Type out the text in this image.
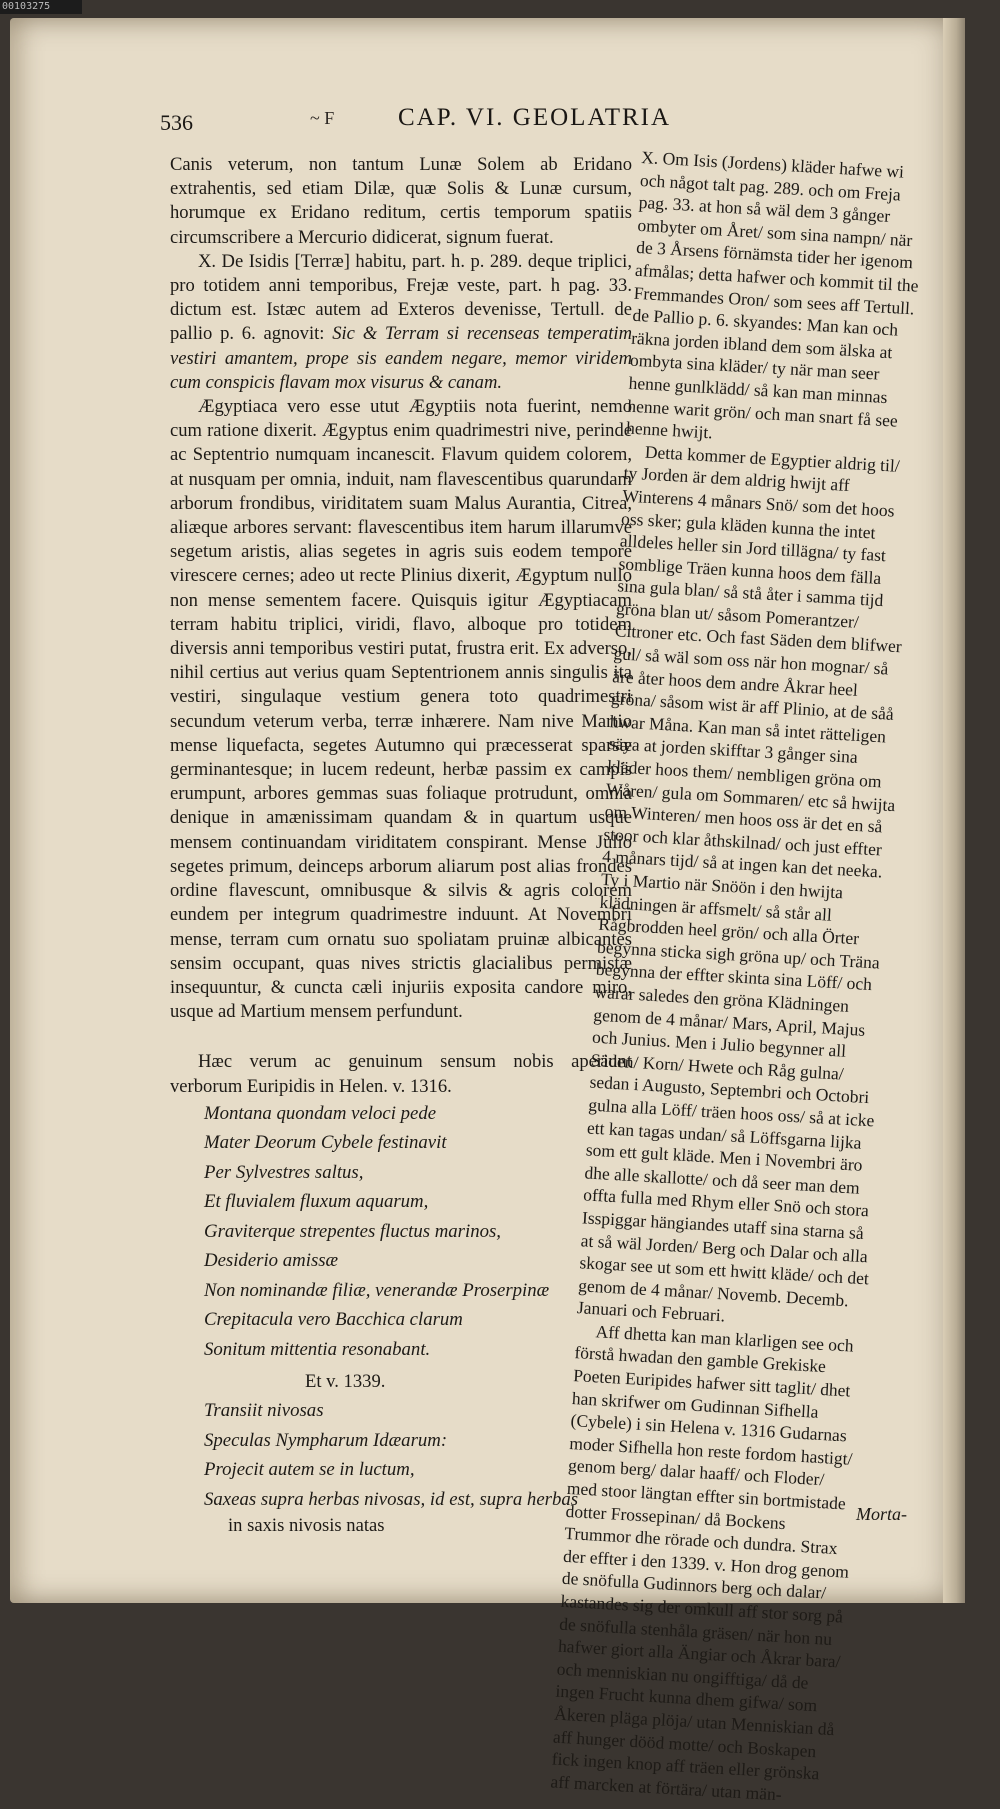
00103275
536	~ F	CAP. VI. GEOLATRIA

Canis veterum, non tantum Lunæ Solem ab Eridano extrahentis, sed etiam Dilæ, quæ Solis & Lunæ cursum, horumque ex Eridano reditum, certis temporum spatiis circumscribere a Mercurio didicerat, signum fuerat.

X. De Isidis [Terræ] habitu, part. h. p. 289. deque triplici, pro totidem anni temporibus, Frejæ veste, part. h pag. 33. dictum est. Istæc autem ad Exteros devenisse, Tertull. de pallio p. 6. agnovit: Sic & Terram si recenseas temperatim vestiri amantem, prope sis eandem negare, memor viridem cum conspicis flavam mox visurus & canam.

Ægyptiaca vero esse utut Ægyptiis nota fuerint, nemo cum ratione dixerit. Ægyptus enim quadrimestri nive, perinde ac Septentrio numquam incanescit. Flavum quidem colorem, at nusquam per omnia, induit, nam flavescentibus quarundam arborum frondibus, viriditatem suam Malus Aurantia, Citrea, aliæque arbores servant: flavescentibus item harum illarumve segetum aristis, alias segetes in agris suis eodem tempore virescere cernes; adeo ut recte Plinius dixerit, Ægyptum nullo non mense sementem facere. Quisquis igitur Ægyptiacam terram habitu triplici, viridi, flavo, alboque pro totidem diversis anni temporibus vestiri putat, frustra erit. Ex adverso, nihil certius aut verius quam Septentrionem annis singulis ita vestiri, singulaque vestium genera toto quadrimestri secundum veterum verba, terræ inhærere. Nam nive Martio mense liquefacta, segetes Autumno qui præcesserat sparsæ germinantesque; in lucem redeunt, herbæ passim ex campis erumpunt, arbores gemmas suas foliaque protrudunt, omnia denique in amænissimam quandam & in quartum usque mensem continuandam viriditatem conspirant. Mense Julio segetes primum, deinceps arborum aliarum post alias frondes ordine flavescunt, omnibusque & silvis & agris colorem eundem per integrum quadrimestre induunt. At Novembri mense, terram cum ornatu suo spoliatam pruinæ albicantes sensim occupant, quas nives strictis glacialibus permistæ insequuntur, & cuncta cæli injuriis exposita candore miro, usque ad Martium mensem perfundunt.

Hæc verum ac genuinum sensum nobis aperiunt verborum Euripidis in Helen. v. 1316.

Montana quondam veloci pede

Mater Deorum Cybele festinavit

Per Sylvestres saltus,

Et fluvialem fluxum aquarum,

Graviterque strepentes fluctus marinos,

Desiderio amissæ

Non nominandæ filiæ, venerandæ Proserpinæ

Crepitacula vero Bacchica clarum

Sonitum mittentia resonabant.

Et v. 1339.

Transiit nivosas

Speculas Nympharum Idæarum:

Projecit autem se in luctum,

Saxeas supra herbas nivosas, id est, supra herbas

in saxis nivosis natas

X. Om Isis (Jordens) kläder hafwe wi och något talt pag. 289. och om Freja pag. 33. at hon så wäl dem 3 gånger ombyter om Året/ som sina nampn/ när de 3 Årsens förnämsta tider her igenom afmålas; detta hafwer och kommit til the Fremmandes Oron/ som sees aff Tertull. de Pallio p. 6. skyandes: Man kan och räkna jorden ibland dem som älska at ombyta sina kläder/ ty när man seer henne gunlklädd/ så kan man minnas henne warit grön/ och man snart få see henne hwijt.

Detta kommer de Egyptier aldrig til/ ty Jorden är dem aldrig hwijt aff Winterens 4 månars Snö/ som det hoos oss sker; gula kläden kunna the intet alldeles heller sin Jord tillägna/ ty fast somblige Träen kunna hoos dem fälla sina gula blan/ så stå åter i samma tijd gröna blan ut/ såsom Pomerantzer/ Citroner etc. Och fast Säden dem blifwer gul/ så wäl som oss när hon mognar/ så äre åter hoos dem andre Åkrar heel gröna/ såsom wist är aff Plinio, at de såå hwar Måna. Kan man så intet rätteligen säya at jorden skifftar 3 gånger sina kläder hoos them/ nembligen gröna om Wåren/ gula om Sommaren/ etc så hwijta om Winteren/ men hoos oss är det en så stoor och klar åthskilnad/ och just effter 4 månars tijd/ så at ingen kan det neeka. Ty i Martio när Snöön i den hwijta klädningen är affsmelt/ så står all Rågbrodden heel grön/ och alla Örter begynna sticka sigh gröna up/ och Träna begynna der effter skinta sina Löff/ och warar saledes den gröna Klädningen genom de 4 månar/ Mars, April, Majus och Junius. Men i Julio begynner all Säden/ Korn/ Hwete och Råg gulna/ sedan i Augusto, Septembri och Octobri gulna alla Löff/ träen hoos oss/ så at icke ett kan tagas undan/ så Löffsgarna lijka som ett gult kläde. Men i Novembri äro dhe alle skallotte/ och då seer man dem offta fulla med Rhym eller Snö och stora Isspiggar hängiandes utaff sina starna så at så wäl Jorden/ Berg och Dalar och alla skogar see ut som ett hwitt kläde/ och det genom de 4 månar/ Novemb. Decemb. Januari och Februari.

Aff dhetta kan man klarligen see och förstå hwadan den gamble Grekiske Poeten Euripides hafwer sitt taglit/ dhet han skrifwer om Gudinnan Sifhella (Cybele) i sin Helena v. 1316 Gudarnas moder Sifhella hon reste fordom hastigt/ genom berg/ dalar haaff/ och Floder/ med stoor längtan effter sin bortmistade dotter Frossepinan/ då Bockens Trummor dhe rörade och dundra. Strax der effter i den 1339. v. Hon drog genom de snöfulla Gudinnors berg och dalar/ kastandes sig der omkull aff stor sorg på de snöfulla stenhåla gräsen/ när hon nu hafwer giort alla Ängiar och Åkrar bara/ och menniskian nu ongifftiga/ då de ingen Frucht kunna dhem gifwa/ som Åkeren pläga plöja/ utan Menniskian då aff hunger dööd motte/ och Boskapen fick ingen knop aff träen eller grönska aff marcken at förtära/ utan män-

Morta-
